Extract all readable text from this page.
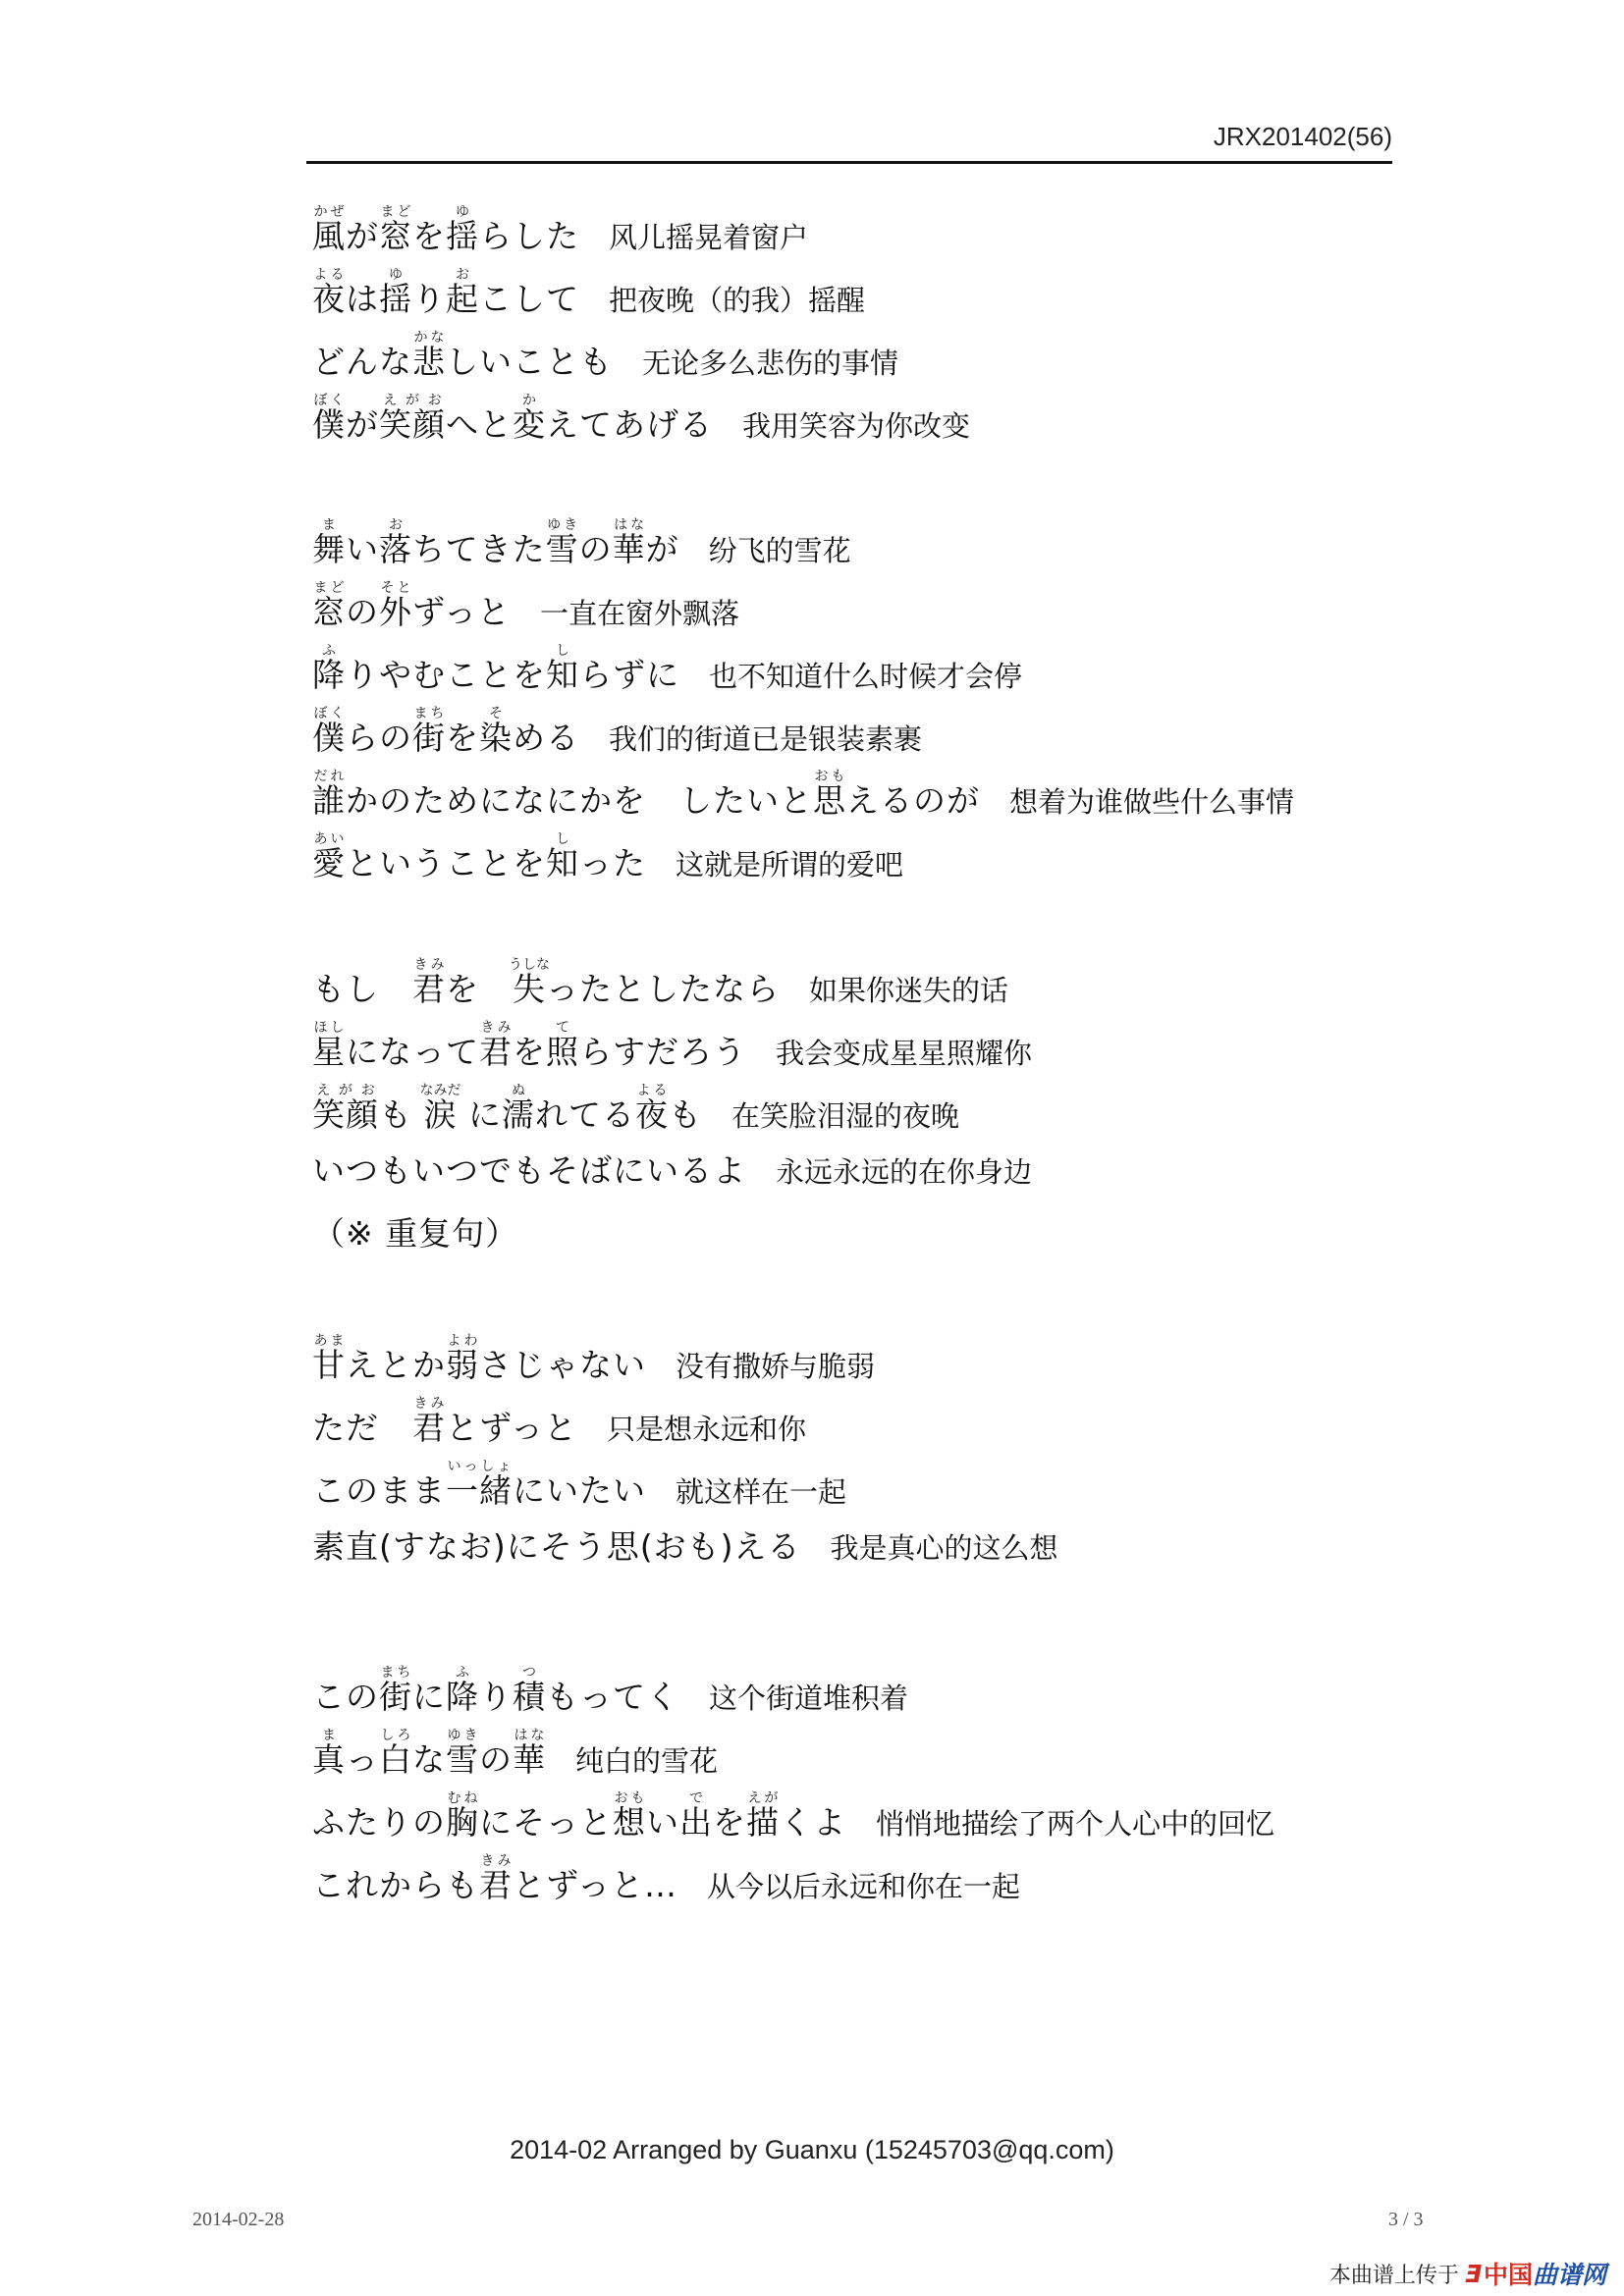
JRX201402(56)
風かぜが窓まどを揺ゆらした 风儿摇晃着窗户
夜よるは揺ゆり起おこして 把夜晚（的我）摇醒
どんな悲かなしいことも 无论多么悲伤的事情
僕ぼくが笑顔えがおへと変かえてあげる 我用笑容为你改变
舞まい落おちてきた雪ゆきの華はなが 纷飞的雪花
窓まどの外そとずっと 一直在窗外飘落
降ふりやむことを知しらずに 也不知道什么时候才会停
僕ぼくらの街まちを染そめる 我们的街道已是银装素裹
誰だれかのためになにかを　したいと思おもえるのが 想着为谁做些什么事情
愛あいということを知しった 这就是所谓的爱吧
もし　君きみを　失うしなったとしたなら 如果你迷失的话
星ほしになって君きみを照てらすだろう 我会变成星星照耀你
笑顔えがおも 涙なみだ に濡ぬれてる夜よるも 在笑脸泪湿的夜晚
いつもいつでもそばにいるよ 永远永远的在你身边
（※ 重复句）
甘あまえとか弱よわさじゃない 没有撒娇与脆弱
ただ　君きみとずっと 只是想永远和你
このまま一緒いっしょにいたい 就这样在一起
素直(すなお)にそう思(おも)える 我是真心的这么想
この街まちに降ふり積つもってく 这个街道堆积着
真まっ白しろな雪ゆきの華はな纯白的雪花
ふたりの胸むねにそっと想おもい出でを描えがくよ 悄悄地描绘了两个人心中的回忆
これからも君きみとずっと… 从今以后永远和你在一起
2014-02 Arranged by Guanxu (15245703@qq.com)
2014-02-28	3 / 3
本曲谱上传于 Ǝ 中国 曲谱网
